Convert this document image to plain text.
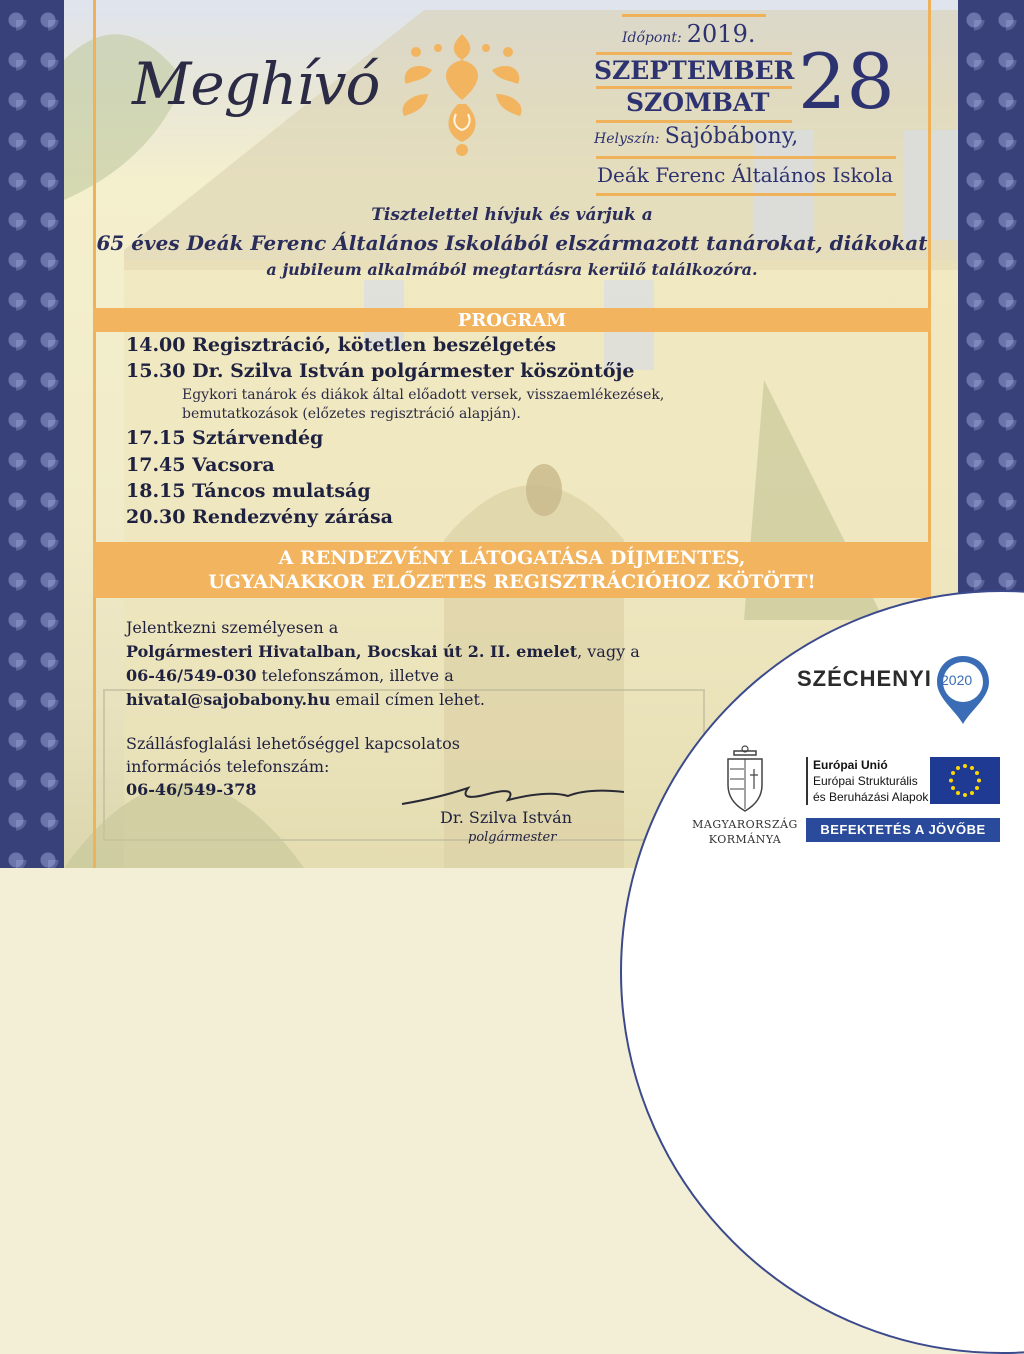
Meghívó
Időpont: 2019.
SZEPTEMBER
SZOMBAT 28
Helyszín: Sajóbábony,
Deák Ferenc Általános Iskola
Tisztelettel hívjuk és várjuk a
65 éves Deák Ferenc Általános Iskolából elszármazott tanárokat, diákokat
a jubileum alkalmából megtartásra kerülő találkozóra.
PROGRAM
14.00 Regisztráció, kötetlen beszélgetés
15.30 Dr. Szilva István polgármester köszöntője
Egykori tanárok és diákok által előadott versek, visszaemlékezések,
bemutatkozások (előzetes regisztráció alapján).
17.15 Sztárvendég
17.45 Vacsora
18.15 Táncos mulatság
20.30 Rendezvény zárása
A RENDEZVÉNY LÁTOGATÁSA DÍJMENTES,
UGYANAKKOR ELŐZETES REGISZTRÁCIÓHOZ KÖTÖTT!
Jelentkezni személyesen a
Polgármesteri Hivatalban, Bocskai út 2. II. emelet, vagy a
06-46/549-030 telefonszámon, illetve a
hivatal@sajobabony.hu email címen lehet.
Szállásfoglalási lehetőséggel kapcsolatos
információs telefonszám:
06-46/549-378
Dr. Szilva István
polgármester
SZÉCHENYI 2020
MAGYARORSZÁG
KORMÁNYA
Európai Unió
Európai Strukturális
és Beruházási Alapok
BEFEKTETÉS A JÖVŐBE
